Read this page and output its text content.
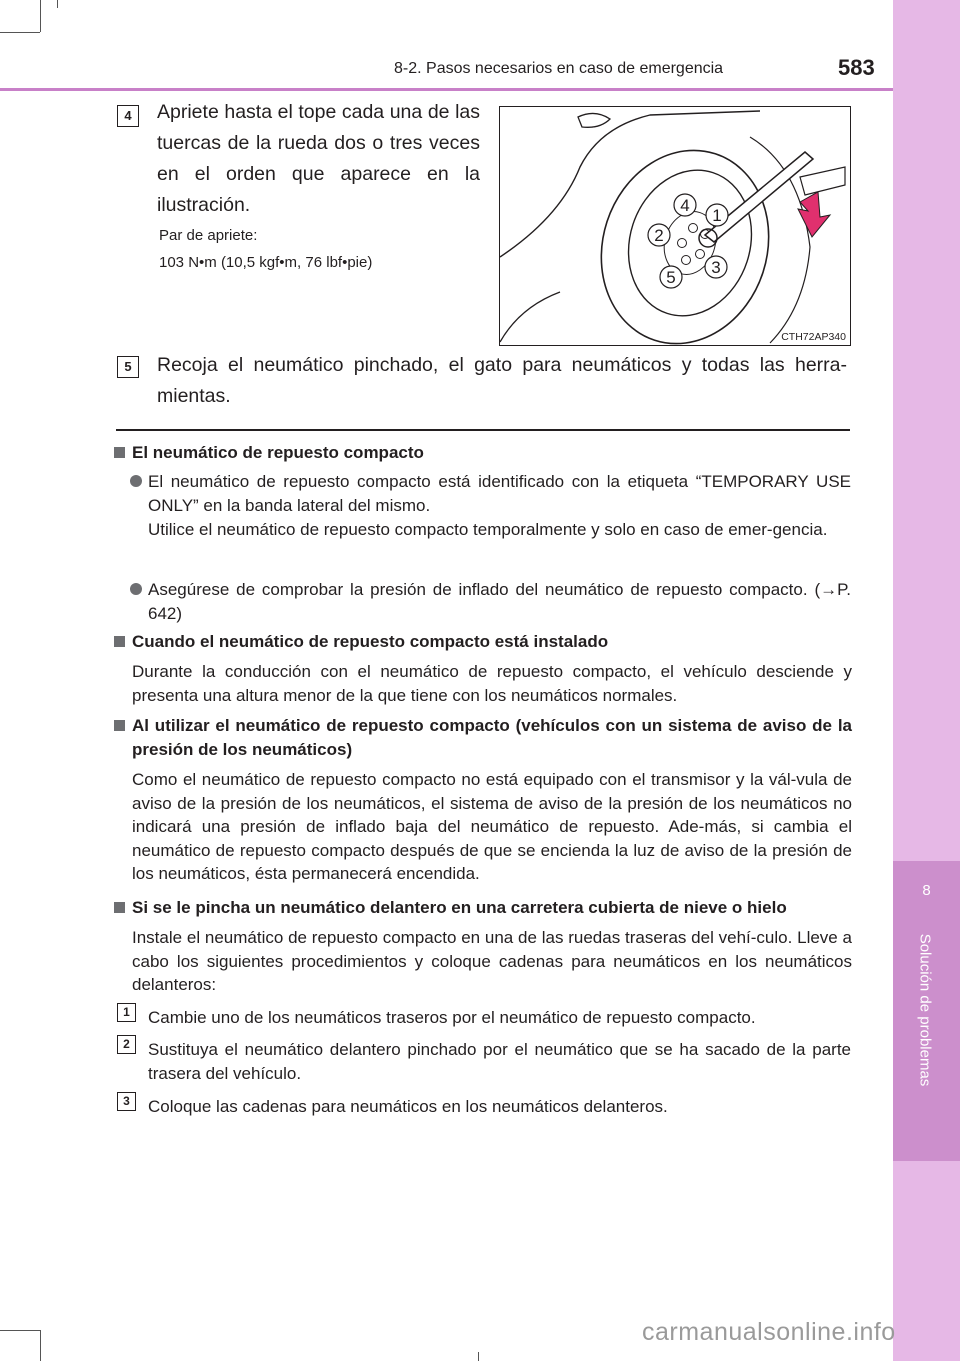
8
Solución de problemas
8-2. Pasos necesarios en caso de emergencia	583
4	Apriete hasta el tope cada una de las tuercas de la rueda dos o tres veces en el orden que aparece en la ilustración.
Par de apriete:
103 N•m (10,5 kgf•m, 76 lbf•pie)
1
2
3
4
5
CTH72AP340
5	Recoja el neumático pinchado, el gato para neumáticos y todas las herra-mientas.
El neumático de repuesto compacto
El neumático de repuesto compacto está identificado con la etiqueta “TEMPORARY USE ONLY” en la banda lateral del mismo.
Utilice el neumático de repuesto compacto temporalmente y solo en caso de emer-gencia.
Asegúrese de comprobar la presión de inflado del neumático de repuesto compacto. (→P. 642)
Cuando el neumático de repuesto compacto está instalado
Durante la conducción con el neumático de repuesto compacto, el vehículo desciende y presenta una altura menor de la que tiene con los neumáticos normales.
Al utilizar el neumático de repuesto compacto (vehículos con un sistema de aviso de la presión de los neumáticos)
Como el neumático de repuesto compacto no está equipado con el transmisor y la vál-vula de aviso de la presión de los neumáticos, el sistema de aviso de la presión de los neumáticos no indicará una presión de inflado baja del neumático de repuesto. Ade-más, si cambia el neumático de repuesto compacto después de que se encienda la luz de aviso de la presión de los neumáticos, ésta permanecerá encendida.
Si se le pincha un neumático delantero en una carretera cubierta de nieve o hielo
Instale el neumático de repuesto compacto en una de las ruedas traseras del vehí-culo. Lleve a cabo los siguientes procedimientos y coloque cadenas para neumáticos en los neumáticos delanteros:
1	Cambie uno de los neumáticos traseros por el neumático de repuesto compacto.
2	Sustituya el neumático delantero pinchado por el neumático que se ha sacado de la parte trasera del vehículo.
3	Coloque las cadenas para neumáticos en los neumáticos delanteros.
carmanualsonline.info
